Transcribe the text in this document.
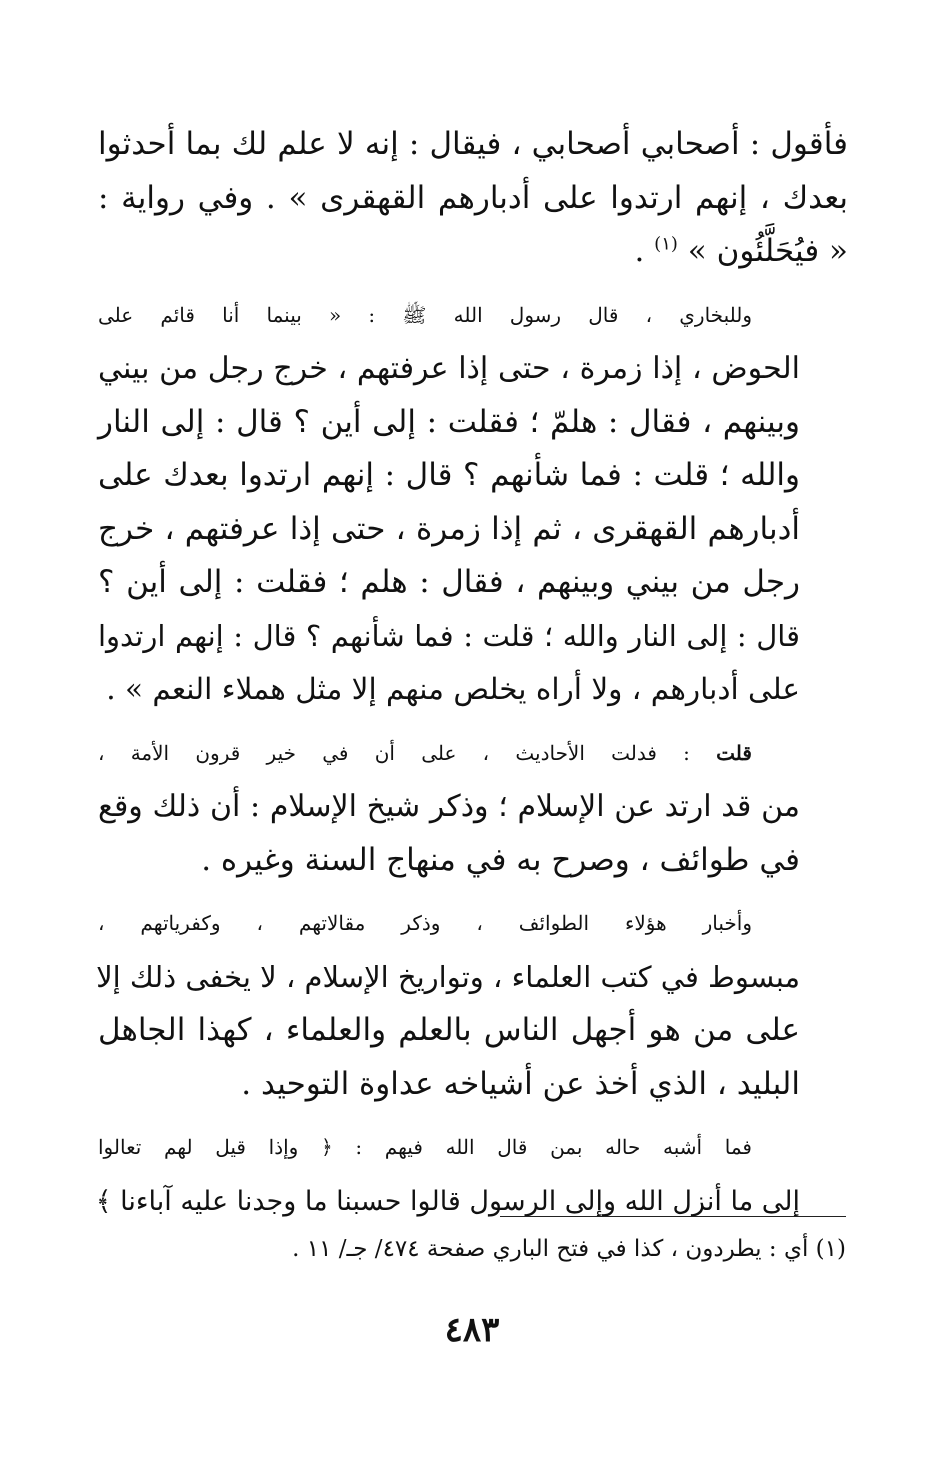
فأقول : أصحابي أصحابي ، فيقال : إنه لا علم لك بما أحدثوا
بعدك ، إنهم ارتدوا على أدبارهم القهقرى » . وفي رواية :
« فيُحَلَّئُون » $^{(١)}$ .
وللبخاري ، قال رسول الله ﷺ : « بينما أنا قائم على
الحوض ، إذا زمرة ، حتى إذا عرفتهم ، خرج رجل من بيني
وبينهم ، فقال : هلمّ ؛ فقلت : إلى أين ؟ قال : إلى النار
والله ؛ قلت : فما شأنهم ؟ قال : إنهم ارتدوا بعدك على
أدبارهم القهقرى ، ثم إذا زمرة ، حتى إذا عرفتهم ، خرج
رجل من بيني وبينهم ، فقال : هلم ؛ فقلت : إلى أين ؟
قال : إلى النار والله ؛ قلت : فما شأنهم ؟ قال : إنهم ارتدوا
على أدبارهم ، ولا أراه يخلص منهم إلا مثل هملاء النعم » .
قلت : فدلت الأحاديث ، على أن في خير قرون الأمة ،
من قد ارتد عن الإسلام ؛ وذكر شيخ الإسلام : أن ذلك وقع
في طوائف ، وصرح به في منهاج السنة وغيره .
وأخبار هؤلاء الطوائف ، وذكر مقالاتهم ، وكفرياتهم ،
مبسوط في كتب العلماء ، وتواريخ الإسلام ، لا يخفى ذلك إلا
على من هو أجهل الناس بالعلم والعلماء ، كهذا الجاهل
البليد ، الذي أخذ عن أشياخه عداوة التوحيد .
فما أشبه حاله بمن قال الله فيهم : ﴿ وإذا قيل لهم تعالوا
إلى ما أنزل الله وإلى الرسول قالوا حسبنا ما وجدنا عليه آباءنا ﴾
(١) أي : يطردون ، كذا في فتح الباري صفحة ٤٧٤/ جـ/ ١١ .
٤٨٣
